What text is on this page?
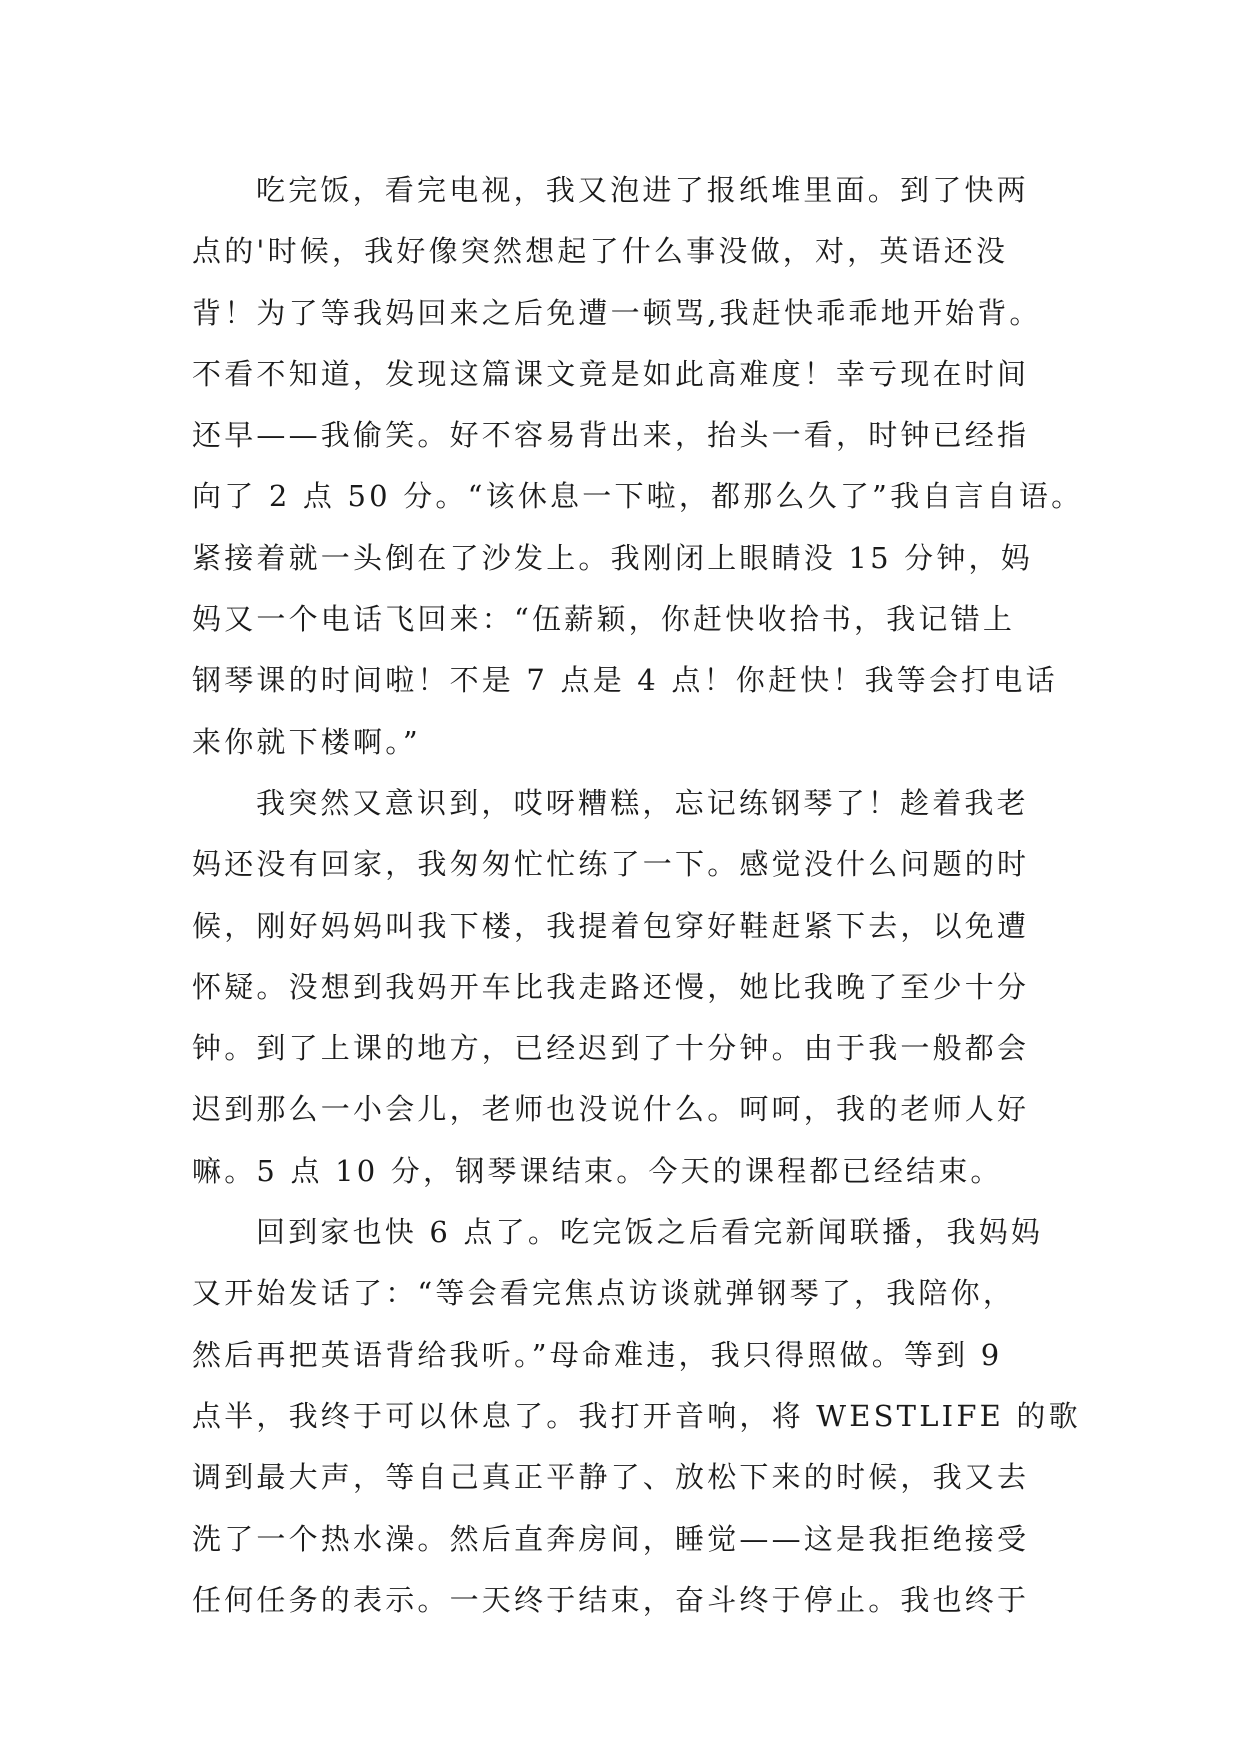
吃完饭，看完电视，我又泡进了报纸堆里面。到了快两
点的'时候，我好像突然想起了什么事没做，对，英语还没
背！为了等我妈回来之后免遭一顿骂,我赶快乖乖地开始背。
不看不知道，发现这篇课文竟是如此高难度！幸亏现在时间
还早——我偷笑。好不容易背出来，抬头一看，时钟已经指
向了 2 点 50 分。“该休息一下啦，都那么久了”我自言自语。
紧接着就一头倒在了沙发上。我刚闭上眼睛没 15 分钟，妈
妈又一个电话飞回来：“伍薪颖，你赶快收拾书，我记错上
钢琴课的时间啦！不是 7 点是 4 点！你赶快！我等会打电话
来你就下楼啊。”
我突然又意识到，哎呀糟糕，忘记练钢琴了！趁着我老
妈还没有回家，我匆匆忙忙练了一下。感觉没什么问题的时
候，刚好妈妈叫我下楼，我提着包穿好鞋赶紧下去，以免遭
怀疑。没想到我妈开车比我走路还慢，她比我晚了至少十分
钟。到了上课的地方，已经迟到了十分钟。由于我一般都会
迟到那么一小会儿，老师也没说什么。呵呵，我的老师人好
嘛。5 点 10 分，钢琴课结束。今天的课程都已经结束。
回到家也快 6 点了。吃完饭之后看完新闻联播，我妈妈
又开始发话了：“等会看完焦点访谈就弹钢琴了，我陪你，
然后再把英语背给我听。”母命难违，我只得照做。等到 9
点半，我终于可以休息了。我打开音响，将 WESTLIFE 的歌
调到最大声，等自己真正平静了、放松下来的时候，我又去
洗了一个热水澡。然后直奔房间，睡觉——这是我拒绝接受
任何任务的表示。一天终于结束，奋斗终于停止。我也终于
